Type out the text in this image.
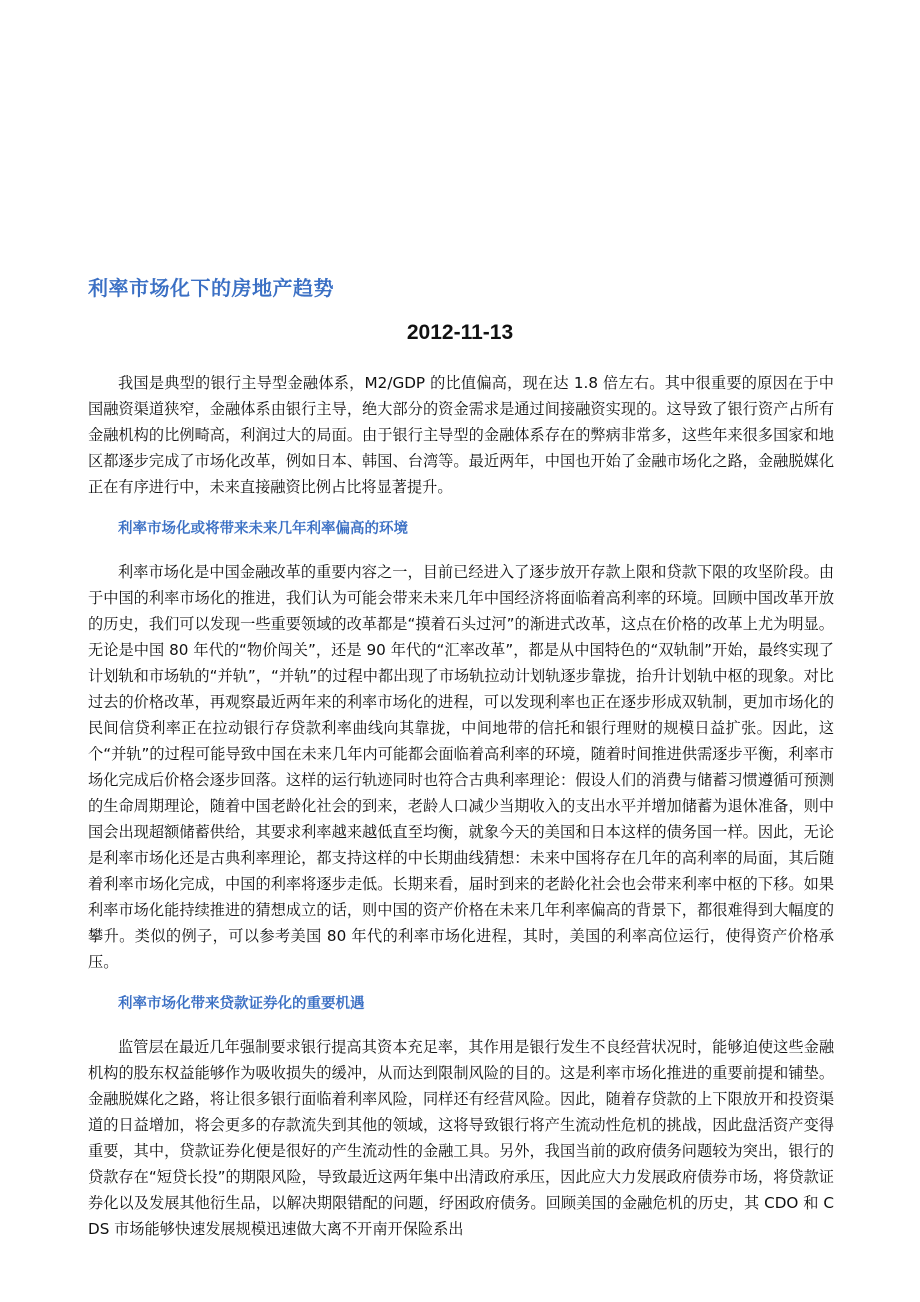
利率市场化下的房地产趋势
2012-11-13

我国是典型的银行主导型金融体系，M2/GDP 的比值偏高，现在达 1.8 倍左右。其中很重要的原因在于中国融资渠道狭窄，金融体系由银行主导，绝大部分的资金需求是通过间接融资实现的。这导致了银行资产占所有金融机构的比例畸高，利润过大的局面。由于银行主导型的金融体系存在的弊病非常多，这些年来很多国家和地区都逐步完成了市场化改革，例如日本、韩国、台湾等。最近两年，中国也开始了金融市场化之路，金融脱媒化正在有序进行中，未来直接融资比例占比将显著提升。

利率市场化或将带来未来几年利率偏高的环境

利率市场化是中国金融改革的重要内容之一，目前已经进入了逐步放开存款上限和贷款下限的攻坚阶段。由于中国的利率市场化的推进，我们认为可能会带来未来几年中国经济将面临着高利率的环境。回顾中国改革开放的历史，我们可以发现一些重要领域的改革都是“摸着石头过河”的渐进式改革，这点在价格的改革上尤为明显。无论是中国 80 年代的“物价闯关”，还是 90 年代的“汇率改革”，都是从中国特色的“双轨制”开始，最终实现了计划轨和市场轨的“并轨”，“并轨”的过程中都出现了市场轨拉动计划轨逐步靠拢，抬升计划轨中枢的现象。对比过去的价格改革，再观察最近两年来的利率市场化的进程，可以发现利率也正在逐步形成双轨制，更加市场化的民间信贷利率正在拉动银行存贷款利率曲线向其靠拢，中间地带的信托和银行理财的规模日益扩张。因此，这个“并轨”的过程可能导致中国在未来几年内可能都会面临着高利率的环境，随着时间推进供需逐步平衡，利率市场化完成后价格会逐步回落。这样的运行轨迹同时也符合古典利率理论：假设人们的消费与储蓄习惯遵循可预测的生命周期理论，随着中国老龄化社会的到来，老龄人口减少当期收入的支出水平并增加储蓄为退休准备，则中国会出现超额储蓄供给，其要求利率越来越低直至均衡，就象今天的美国和日本这样的债务国一样。因此，无论是利率市场化还是古典利率理论，都支持这样的中长期曲线猜想：未来中国将存在几年的高利率的局面，其后随着利率市场化完成，中国的利率将逐步走低。长期来看，届时到来的老龄化社会也会带来利率中枢的下移。如果利率市场化能持续推进的猜想成立的话，则中国的资产价格在未来几年利率偏高的背景下，都很难得到大幅度的攀升。类似的例子，可以参考美国 80 年代的利率市场化进程，其时，美国的利率高位运行，使得资产价格承压。

利率市场化带来贷款证券化的重要机遇

监管层在最近几年强制要求银行提高其资本充足率，其作用是银行发生不良经营状况时，能够迫使这些金融机构的股东权益能够作为吸收损失的缓冲，从而达到限制风险的目的。这是利率市场化推进的重要前提和铺垫。金融脱媒化之路，将让很多银行面临着利率风险，同样还有经营风险。因此，随着存贷款的上下限放开和投资渠道的日益增加，将会更多的存款流失到其他的领域，这将导致银行将产生流动性危机的挑战，因此盘活资产变得重要，其中，贷款证券化便是很好的产生流动性的金融工具。另外，我国当前的政府债务问题较为突出，银行的贷款存在“短贷长投”的期限风险，导致最近这两年集中出清政府承压，因此应大力发展政府债券市场，将贷款证券化以及发展其他衍生品，以解决期限错配的问题，纾困政府债务。回顾美国的金融危机的历史，其 CDO 和 CDS 市场能够快速发展规模迅速做大离不开南开保险系出
